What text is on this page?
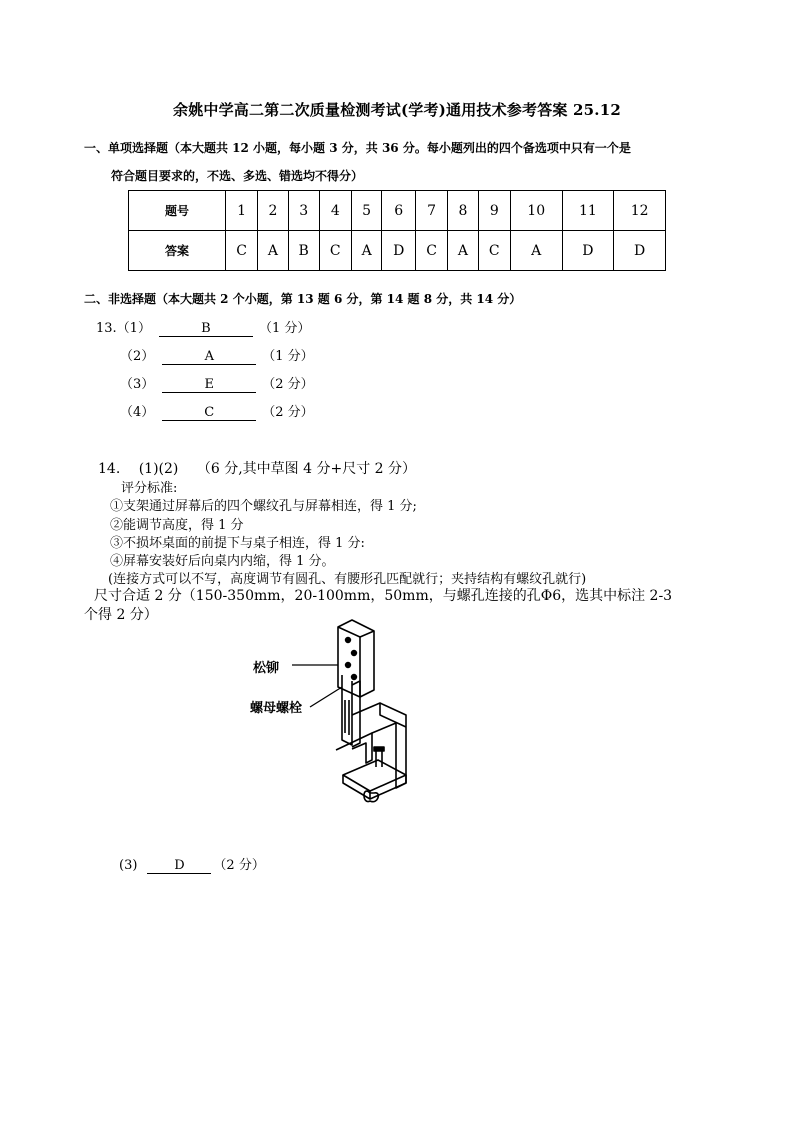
余姚中学高二第二次质量检测考试(学考)通用技术参考答案 25.12
一、单项选择题（本大题共 12 小题，每小题 3 分，共 36 分。每小题列出的四个备选项中只有一个是
符合题目要求的，不选、多选、错选均不得分）
题号	1	2	3	4	5	6	7	8	9	10	11	12
答案	C	A	B	C	A	D	C	A	C	A	D	D
二、非选择题（本大题共 2 个小题，第 13 题 6 分，第 14 题 8 分，共 14 分）
13.（1）	B	（1 分）
（2）	A	（1 分）
（3）	E	（2 分）
（4）	C	（2 分）
14. (1)(2) （6 分,其中草图 4 分+尺寸 2 分）
评分标准:
①支架通过屏幕后的四个螺纹孔与屏幕相连，得 1 分;
②能调节高度，得 1 分
③不损坏桌面的前提下与桌子相连，得 1 分:
④屏幕安装好后向桌内内缩，得 1 分。
(连接方式可以不写，高度调节有圆孔、有腰形孔匹配就行；夹持结构有螺纹孔就行)
尺寸合适 2 分（150-350mm，20-100mm，50mm，与螺孔连接的孔Φ6，选其中标注 2-3
个得 2 分）
松铆
螺母螺栓
(3)	D （2 分）
